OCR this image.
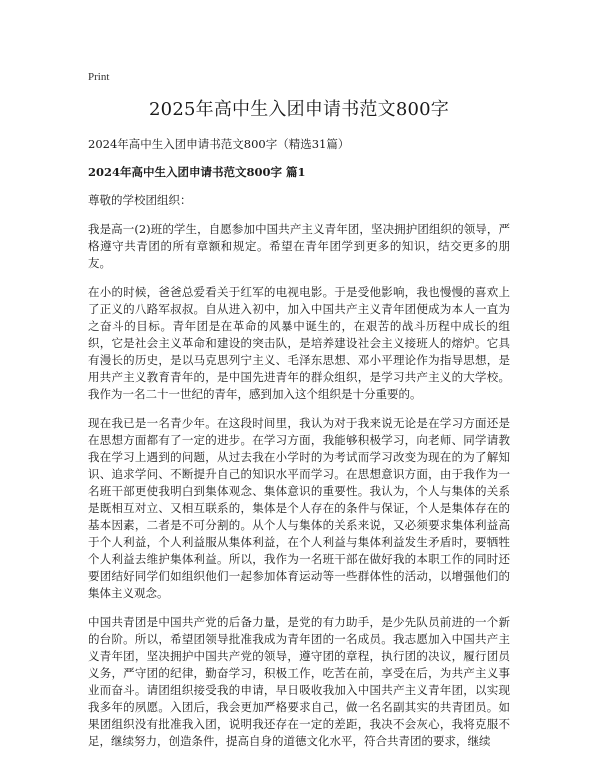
Print
2025年高中生入团申请书范文800字
2024年高中生入团申请书范文800字（精选31篇）
2024年高中生入团申请书范文800字 篇1

尊敬的学校团组织：

我是高一(2)班的学生，自愿参加中国共产主义青年团，坚决拥护团组织的领导，严格遵守共青团的所有章额和规定。希望在青年团学到更多的知识，结交更多的朋友。

在小的时候，爸爸总爱看关于红军的电视电影。于是受他影响，我也慢慢的喜欢上了正义的八路军叔叔。自从进入初中，加入中国共产主义青年团便成为本人一直为之奋斗的目标。青年团是在革命的风暴中诞生的，在艰苦的战斗历程中成长的组织，它是社会主义革命和建设的突击队，是培养建设社会主义接班人的熔炉。它具有漫长的历史，是以马克思列宁主义、毛泽东思想、邓小平理论作为指导思想，是用共产主义教育青年的，是中国先进青年的群众组织，是学习共产主义的大学校。我作为一名二十一世纪的青年，感到加入这个组织是十分重要的。

现在我已是一名青少年。在这段时间里，我认为对于我来说无论是在学习方面还是在思想方面都有了一定的进步。在学习方面，我能够积极学习，向老师、同学请教我在学习上遇到的问题，从过去我在小学时的为考试而学习改变为现在的为了解知识、追求学问、不断提升自己的知识水平而学习。在思想意识方面，由于我作为一名班干部更使我明白到集体观念、集体意识的重要性。我认为，个人与集体的关系是既相互对立、又相互联系的，集体是个人存在的条件与保证，个人是集体存在的基本因素，二者是不可分割的。从个人与集体的关系来说，又必须要求集体利益高于个人利益，个人利益服从集体利益，在个人利益与集体利益发生矛盾时，要牺牲个人利益去维护集体利益。所以，我作为一名班干部在做好我的本职工作的同时还要团结好同学们如组织他们一起参加体育运动等一些群体性的活动，以增强他们的集体主义观念。

中国共青团是中国共产党的后备力量，是党的有力助手，是少先队员前进的一个新的台阶。所以，希望团领导批准我成为青年团的一名成员。我志愿加入中国共产主义青年团，坚决拥护中国共产党的领导，遵守团的章程，执行团的决议，履行团员义务，严守团的纪律，勤奋学习，积极工作，吃苦在前，享受在后，为共产主义事业而奋斗。请团组织接受我的申请，早日吸收我加入中国共产主义青年团，以实现我多年的夙愿。入团后，我会更加严格要求自己，做一名名副其实的共青团员。如果团组织没有批准我入团，说明我还存在一定的差距，我决不会灰心，我将克服不足，继续努力，创造条件，提高自身的道德文化水平，符合共青团的要求，继续
